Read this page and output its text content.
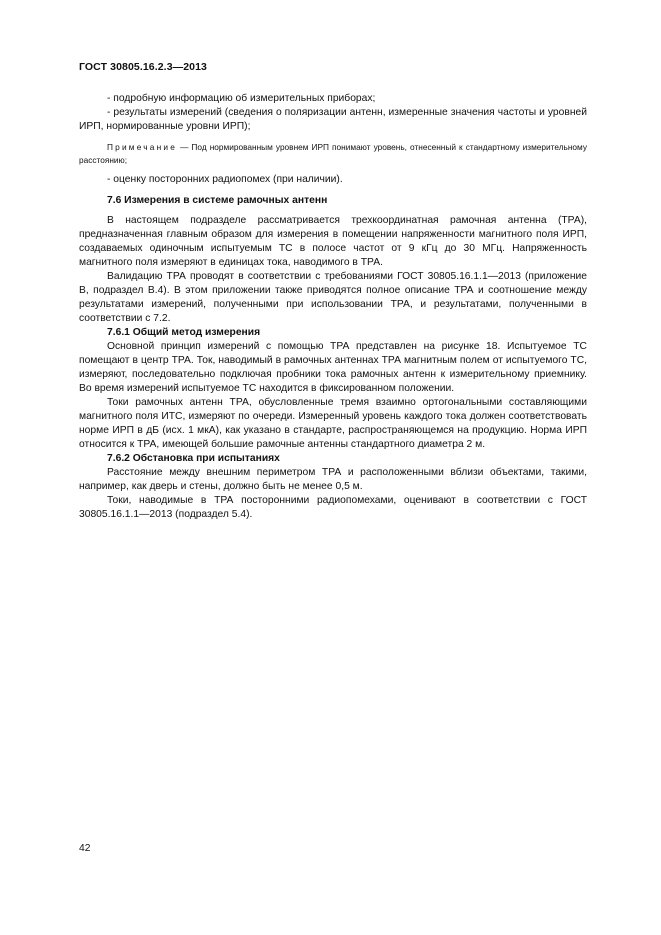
ГОСТ 30805.16.2.3—2013

- подробную информацию об измерительных приборах;

- результаты измерений (сведения о поляризации антенн, измеренные значения частоты и уровней ИРП, нормированные уровни ИРП);

Примечание — Под нормированным уровнем ИРП понимают уровень, отнесенный к стандартному измерительному расстоянию;

- оценку посторонних радиопомех (при наличии).

7.6 Измерения в системе рамочных антенн

В настоящем подразделе рассматривается трехкоординатная рамочная антенна (ТРА), предназначенная главным образом для измерения в помещении напряженности магнитного поля ИРП, создаваемых одиночным испытуемым ТС в полосе частот от 9 кГц до 30 МГц. Напряженность магнитного поля измеряют в единицах тока, наводимого в ТРА.

Валидацию ТРА проводят в соответствии с требованиями ГОСТ 30805.16.1.1—2013 (приложение В, подраздел В.4). В этом приложении также приводятся полное описание ТРА и соотношение между результатами измерений, полученными при использовании ТРА, и результатами, полученными в соответствии с 7.2.

7.6.1 Общий метод измерения

Основной принцип измерений с помощью ТРА представлен на рисунке 18. Испытуемое ТС помещают в центр ТРА. Ток, наводимый в рамочных антеннах ТРА магнитным полем от испытуемого ТС, измеряют, последовательно подключая пробники тока рамочных антенн к измерительному приемнику. Во время измерений испытуемое ТС находится в фиксированном положении.

Токи рамочных антенн ТРА, обусловленные тремя взаимно ортогональными составляющими магнитного поля ИТС, измеряют по очереди. Измеренный уровень каждого тока должен соответствовать норме ИРП в дБ (исх. 1 мкА), как указано в стандарте, распространяющемся на продукцию. Норма ИРП относится к ТРА, имеющей большие рамочные антенны стандартного диаметра 2 м.

7.6.2 Обстановка при испытаниях

Расстояние между внешним периметром ТРА и расположенными вблизи объектами, такими, например, как дверь и стены, должно быть не менее 0,5 м.

Токи, наводимые в ТРА посторонними радиопомехами, оценивают в соответствии с ГОСТ 30805.16.1.1—2013 (подраздел 5.4).

42
